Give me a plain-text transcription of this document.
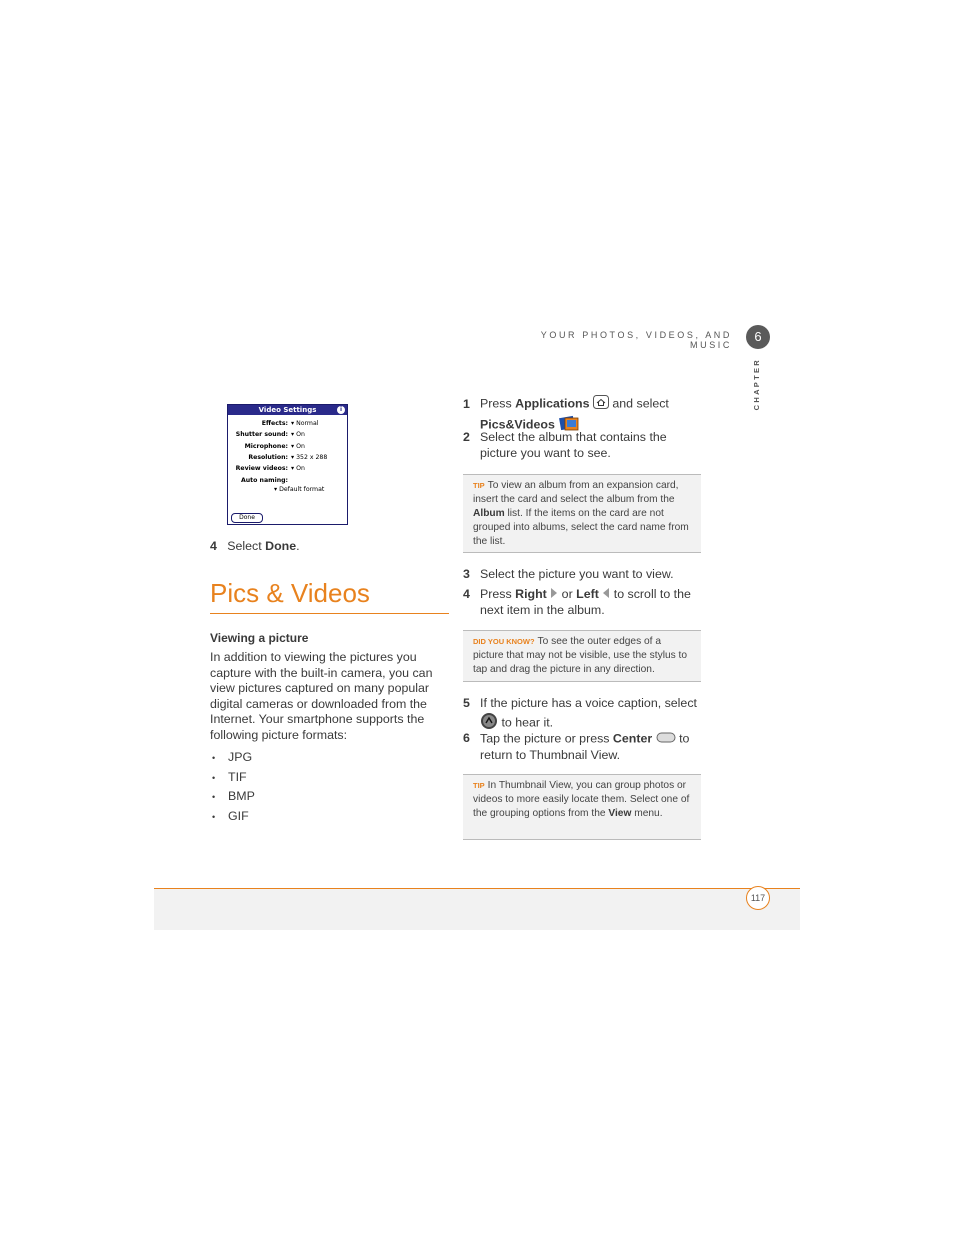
YOUR PHOTOS, VIDEOS, AND MUSIC
6
CHAPTER
Video Settings	i
Effects: ▾ Normal
Shutter sound: ▾ On
Microphone: ▾ On
Resolution: ▾ 352 x 288
Review videos: ▾ On
Auto naming:
▾ Default format
Done
4 Select Done.
Pics & Videos
Viewing a picture
In addition to viewing the pictures you capture with the built-in camera, you can view pictures captured on many popular digital cameras or downloaded from the Internet. Your smartphone supports the following picture formats:
• JPG
• TIF
• BMP
• GIF
1 Press Applications  and select
Pics&Videos
2 Select the album that contains the picture you want to see.
TIP To view an album from an expansion card, insert the card and select the album from the Album list. If the items on the card are not grouped into albums, select the card name from the list.
3 Select the picture you want to view.
4 Press Right  or Left  to scroll to the next item in the album.
DID YOU KNOW? To see the outer edges of a picture that may not be visible, use the stylus to tap and drag the picture in any direction.
5 If the picture has a voice caption, select
to hear it.
6 Tap the picture or press Center  to return to Thumbnail View.
TIP In Thumbnail View, you can group photos or videos to more easily locate them. Select one of the grouping options from the View menu.
117
